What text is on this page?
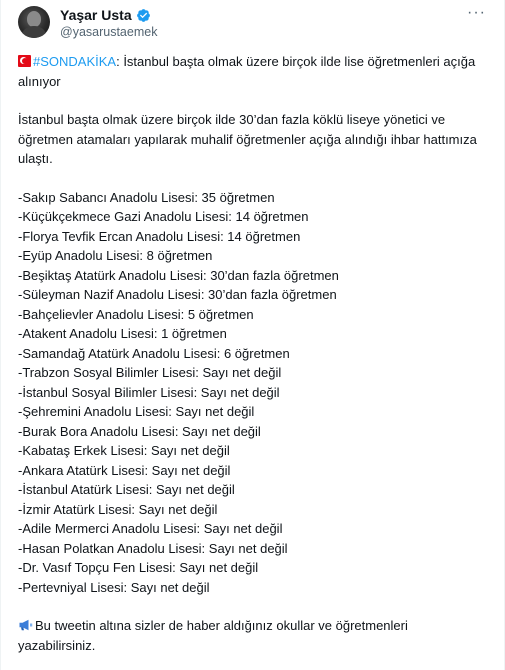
Yaşar Usta
@yasarustaemek
···

#SONDAKİKA: İstanbul başta olmak üzere birçok ilde lise öğretmenleri açığa alınıyor

İstanbul başta olmak üzere birçok ilde 30’dan fazla köklü liseye yönetici ve öğretmen atamaları yapılarak muhalif öğretmenler açığa alındığı ihbar hattımıza ulaştı.

-Sakıp Sabancı Anadolu Lisesi: 35 öğretmen

-Küçükçekmece Gazi Anadolu Lisesi: 14 öğretmen

-Florya Tevfik Ercan Anadolu Lisesi: 14 öğretmen

-Eyüp Anadolu Lisesi: 8 öğretmen

-Beşiktaş Atatürk Anadolu Lisesi: 30’dan fazla öğretmen

-Süleyman Nazif Anadolu Lisesi: 30’dan fazla öğretmen

-Bahçelievler Anadolu Lisesi: 5 öğretmen

-Atakent Anadolu Lisesi: 1 öğretmen

-Samandağ Atatürk Anadolu Lisesi: 6 öğretmen

-Trabzon Sosyal Bilimler Lisesi: Sayı net değil

-İstanbul Sosyal Bilimler Lisesi: Sayı net değil

-Şehremini Anadolu Lisesi: Sayı net değil

-Burak Bora Anadolu Lisesi: Sayı net değil

-Kabataş Erkek Lisesi: Sayı net değil

-Ankara Atatürk Lisesi: Sayı net değil

-İstanbul Atatürk Lisesi: Sayı net değil

-İzmir Atatürk Lisesi: Sayı net değil

-Adile Mermerci Anadolu Lisesi: Sayı net değil

-Hasan Polatkan Anadolu Lisesi: Sayı net değil

-Dr. Vasıf Topçu Fen Lisesi: Sayı net değil

-Pertevniyal Lisesi: Sayı net değil

Bu tweetin altına sizler de haber aldığınız okullar ve öğretmenleri yazabilirsiniz.
